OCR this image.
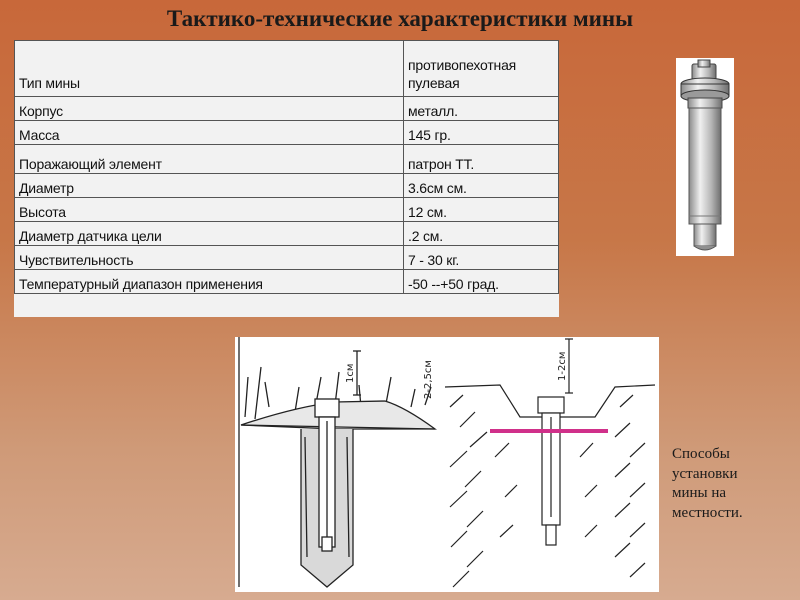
Тактико-технические характеристики мины
Тип мины	противопехотная
пулевая

Корпус	металл.
Масса	145 гр.
Поражающий элемент	патрон ТТ.
Диаметр	3.6см см.
Высота	12 см.
Диаметр датчика цели	.2 см.
Чувствительность	7 - 30 кг.
Температурный диапазон применения	-50 --+50 град.
1см	2-2,5см	1-2см
Способы
установки
мины на
местности.
